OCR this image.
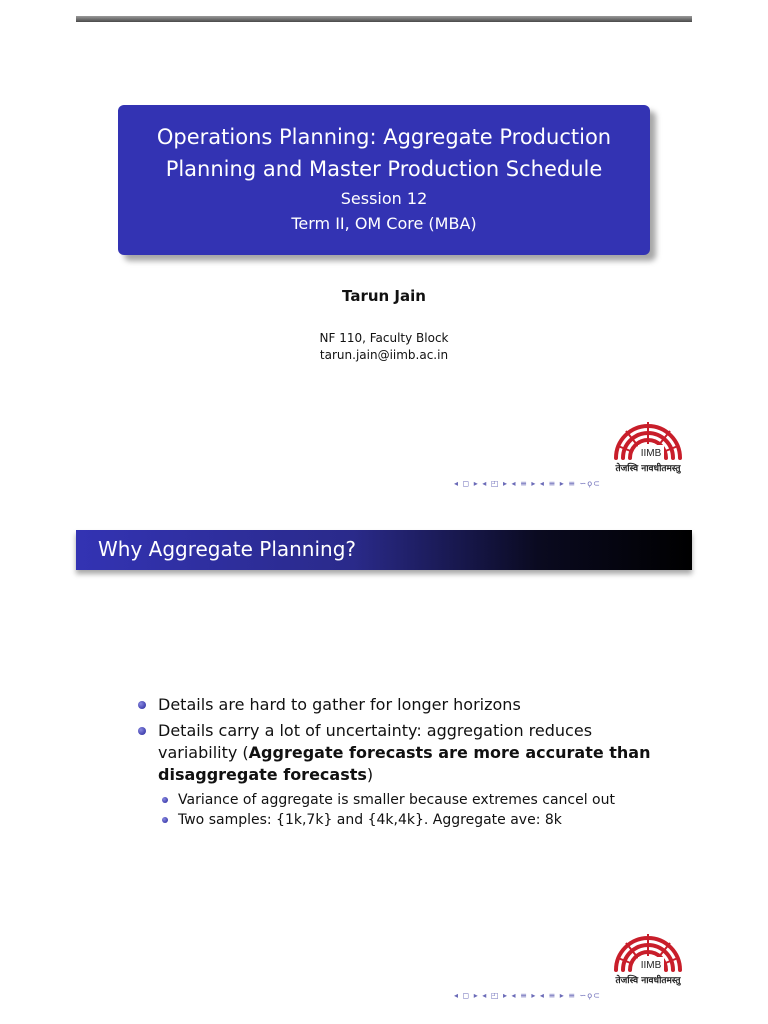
Operations Planning: Aggregate Production Planning and Master Production Schedule
Session 12
Term II, OM Core (MBA)
Tarun Jain
NF 110, Faculty Block
tarun.jain@iimb.ac.in
IIMB
तेजस्वि नावधीतमस्तु
◂ ◻ ▸ ◂ ◰ ▸ ◂ ≡ ▸ ◂ ≡ ▸ ≡ ∽ϙ⊂
Why Aggregate Planning?
Details are hard to gather for longer horizons
Details carry a lot of uncertainty: aggregation reduces variability (Aggregate forecasts are more accurate than disaggregate forecasts)
Variance of aggregate is smaller because extremes cancel out
Two samples: {1k,7k} and {4k,4k}. Aggregate ave: 8k
IIMB
तेजस्वि नावधीतमस्तु
◂ ◻ ▸ ◂ ◰ ▸ ◂ ≡ ▸ ◂ ≡ ▸ ≡ ∽ϙ⊂
